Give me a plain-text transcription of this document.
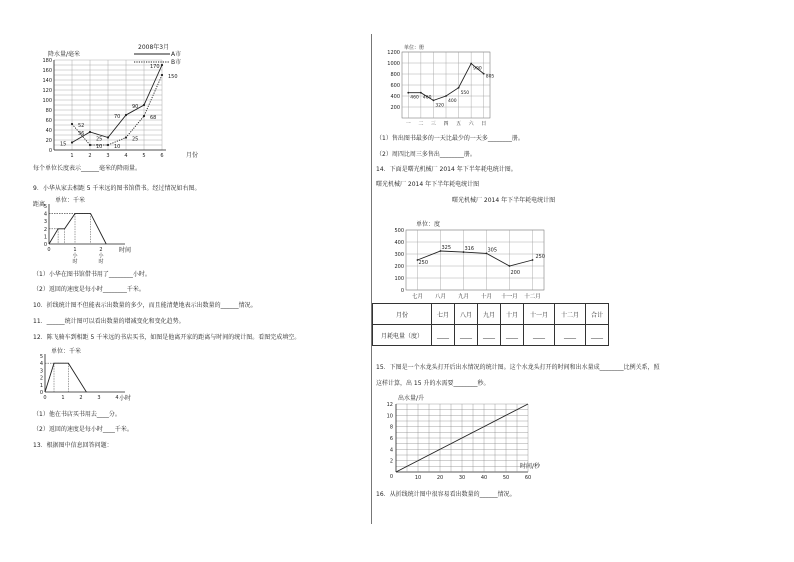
降水量/毫米
2008年3月
A市
B市
0
20
40
60
80
100
120
140
160
180
1	2	3	4	5	6	月份
15
36
25
70
90
170
52
10 10
25
68
150
每个单位长度表示______毫米的降雨量。
9．小华从家去相距 5 千米远的图书馆借书。经过情况如右图。
距离
单位：千米
0
1
2
3
4
5
0	1
小
时
2
小
时
时间
（1）小华在图书馆借书用了________小时。
（2）返回的速度是每小时________千米。
10．折线统计图不但能表示出数量的多少，而且能清楚地表示出数量的______情况。
11．______统计图可以看出数量的增减变化和变化趋势。
12．陈飞骑车到相距 5 千米远的书店买书，如图是他离开家的距离与时间的统计图。看图完成填空。
单位：千米
0
1
2
3
4
5
0	1	2	3	4 小时
（1）他在书店买书用去____分。
（2）返回的速度是每小时____千米。
13．根据图中信息回答问题：
单位：册
200
400
600
800
1000
1200
一 二 三 四 五 六 日
460 460
320
400
550
990
805
（1）售出图书最多的一天比最少的一天多________册。
（2）周四比周三多售出________册。
14．下面是曙光机械厂 2014 年下半年耗电统计图。
曙光机械厂 2014 年下半年耗电统计图
曙光机械厂 2014 年下半年耗电统计图
单位：度
0
100
200
300
400
500
七月 八月 九月 十月 十一月 十二月
250
325	316	305
200
250
月份	七月	八月	九月	十月	十一月	十二月	合计
月耗电量（度）	____	____	____	____	____	____	____
15．下图是一个水龙头打开后出水情况的统计图。这个水龙头打开的时间和出水量成________比例关系，照
这样计算，出 15 升的水需要________秒。
出水量/升
2
4
6
8
10
12
0	10	20	30	40	50	60
时间/秒
16．从折线统计图中很容易看出数量的______情况。
